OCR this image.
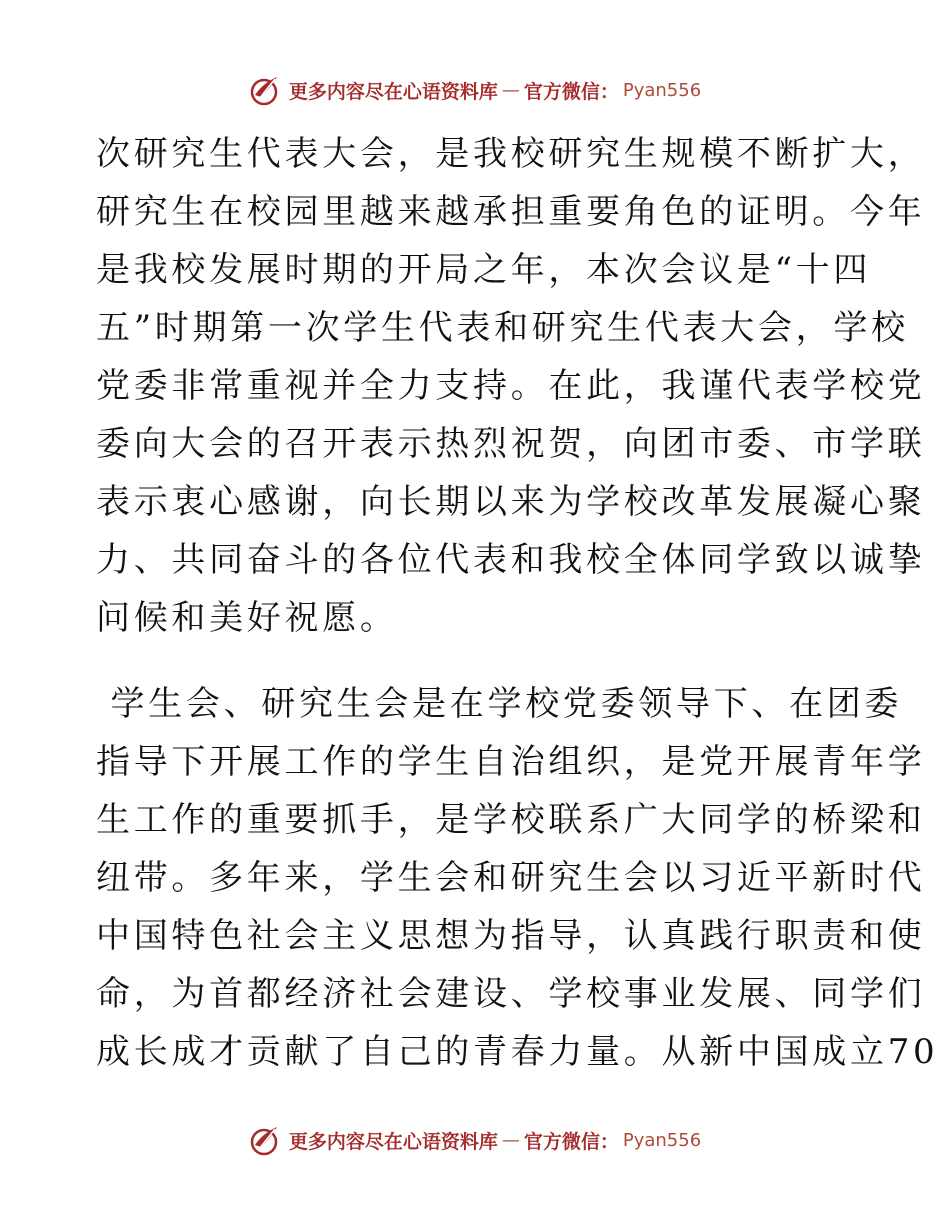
更多内容尽在心语资料库 — 官方微信： Pyan556
次研究生代表大会，是我校研究生规模不断扩大，
研究生在校园里越来越承担重要角色的证明。今年
是我校发展时期的开局之年，本次会议是“十四
五”时期第一次学生代表和研究生代表大会，学校
党委非常重视并全力支持。在此，我谨代表学校党
委向大会的召开表示热烈祝贺，向团市委、市学联
表示衷心感谢，向长期以来为学校改革发展凝心聚
力、共同奋斗的各位代表和我校全体同学致以诚挚
问候和美好祝愿。
学生会、研究生会是在学校党委领导下、在团委
指导下开展工作的学生自治组织，是党开展青年学
生工作的重要抓手，是学校联系广大同学的桥梁和
纽带。多年来，学生会和研究生会以习近平新时代
中国特色社会主义思想为指导，认真践行职责和使
命，为首都经济社会建设、学校事业发展、同学们
成长成才贡献了自己的青春力量。从新中国成立70
更多内容尽在心语资料库 — 官方微信： Pyan556
